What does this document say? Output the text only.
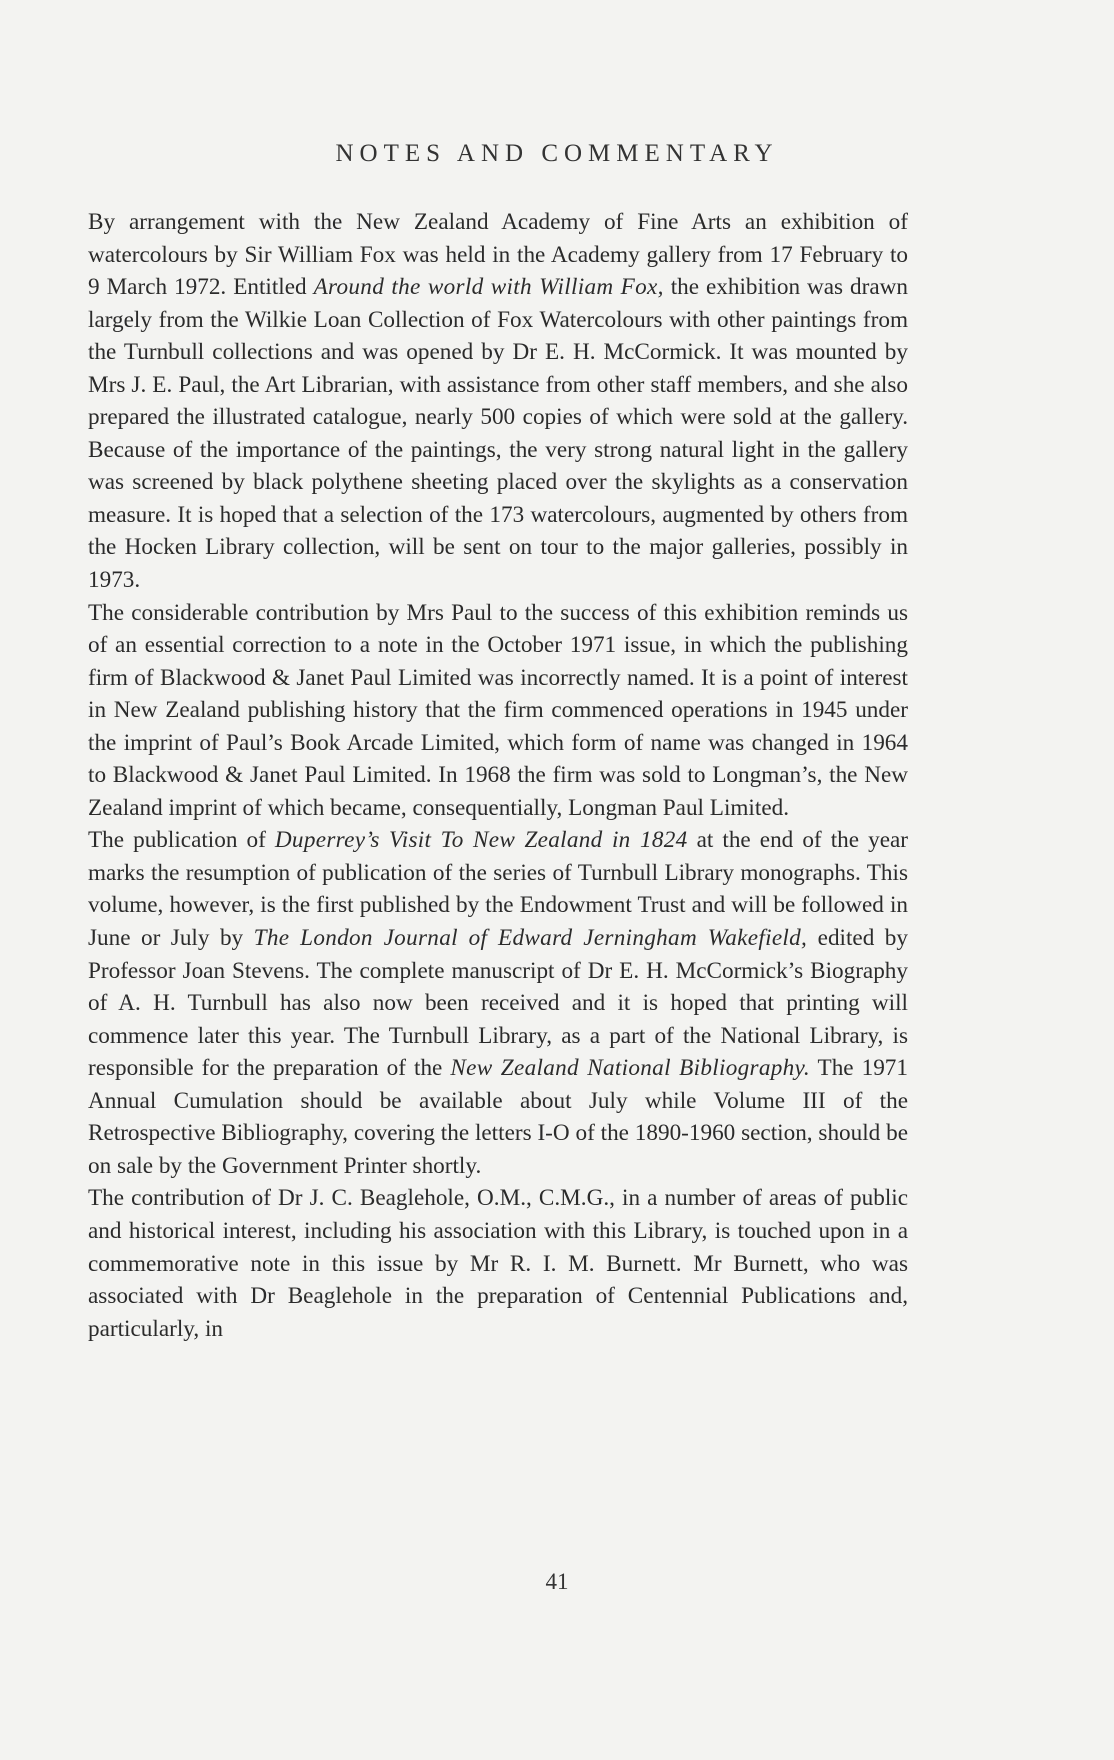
NOTES AND COMMENTARY

By arrangement with the New Zealand Academy of Fine Arts an exhibition of watercolours by Sir William Fox was held in the Academy gallery from 17 February to 9 March 1972. Entitled Around the world with William Fox, the exhibition was drawn largely from the Wilkie Loan Collection of Fox Watercolours with other paintings from the Turnbull collections and was opened by Dr E. H. McCormick. It was mounted by Mrs J. E. Paul, the Art Librarian, with assistance from other staff members, and she also prepared the illustrated catalogue, nearly 500 copies of which were sold at the gallery. Because of the importance of the paintings, the very strong natural light in the gallery was screened by black polythene sheeting placed over the skylights as a conservation measure. It is hoped that a selection of the 173 watercolours, augmented by others from the Hocken Library collection, will be sent on tour to the major galleries, possibly in 1973.

The considerable contribution by Mrs Paul to the success of this exhibition reminds us of an essential correction to a note in the October 1971 issue, in which the publishing firm of Blackwood & Janet Paul Limited was incorrectly named. It is a point of interest in New Zealand publishing history that the firm commenced operations in 1945 under the imprint of Paul’s Book Arcade Limited, which form of name was changed in 1964 to Blackwood & Janet Paul Limited. In 1968 the firm was sold to Longman’s, the New Zealand imprint of which became, consequentially, Longman Paul Limited.

The publication of Duperrey’s Visit To New Zealand in 1824 at the end of the year marks the resumption of publication of the series of Turnbull Library monographs. This volume, however, is the first published by the Endowment Trust and will be followed in June or July by The London Journal of Edward Jerningham Wakefield, edited by Professor Joan Stevens. The complete manuscript of Dr E. H. McCormick’s Biography of A. H. Turnbull has also now been received and it is hoped that printing will commence later this year. The Turnbull Library, as a part of the National Library, is responsible for the preparation of the New Zealand National Bibliography. The 1971 Annual Cumulation should be available about July while Volume III of the Retrospective Bibliography, covering the letters I-O of the 1890-1960 section, should be on sale by the Government Printer shortly.

The contribution of Dr J. C. Beaglehole, O.M., C.M.G., in a number of areas of public and historical interest, including his association with this Library, is touched upon in a commemorative note in this issue by Mr R. I. M. Burnett. Mr Burnett, who was associated with Dr Beaglehole in the preparation of Centennial Publications and, particularly, in

41
